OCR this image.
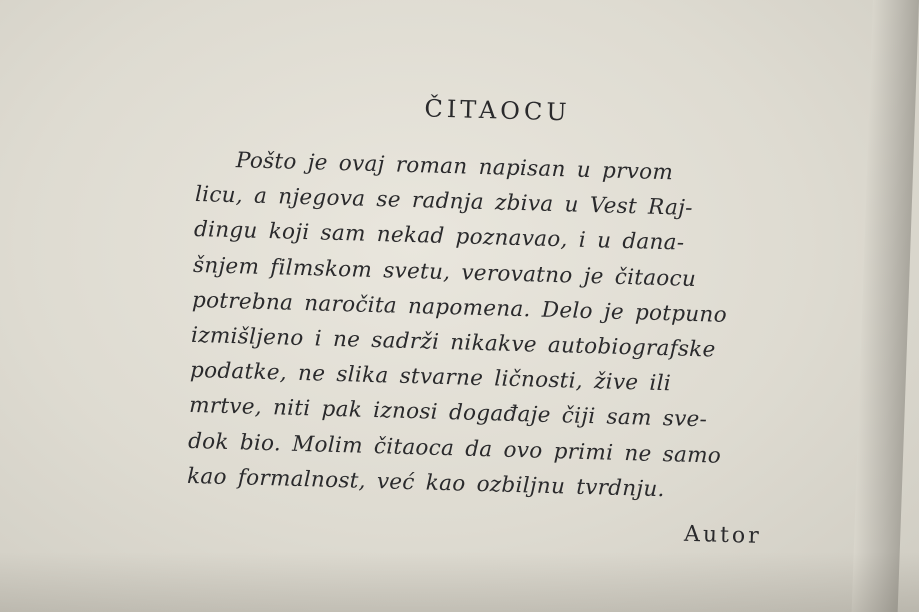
ČITAOCU
Pošto je ovaj roman napisan u prvom
licu, a njegova se radnja zbiva u Vest Raj-
dingu koji sam nekad poznavao, i u dana-
šnjem filmskom svetu, verovatno je čitaocu
potrebna naročita napomena. Delo je potpuno
izmišljeno i ne sadrži nikakve autobiografske
podatke, ne slika stvarne ličnosti, žive ili
mrtve, niti pak iznosi događaje čiji sam sve-
dok bio. Molim čitaoca da ovo primi ne samo
kao formalnost, već kao ozbiljnu tvrdnju.
Autor
